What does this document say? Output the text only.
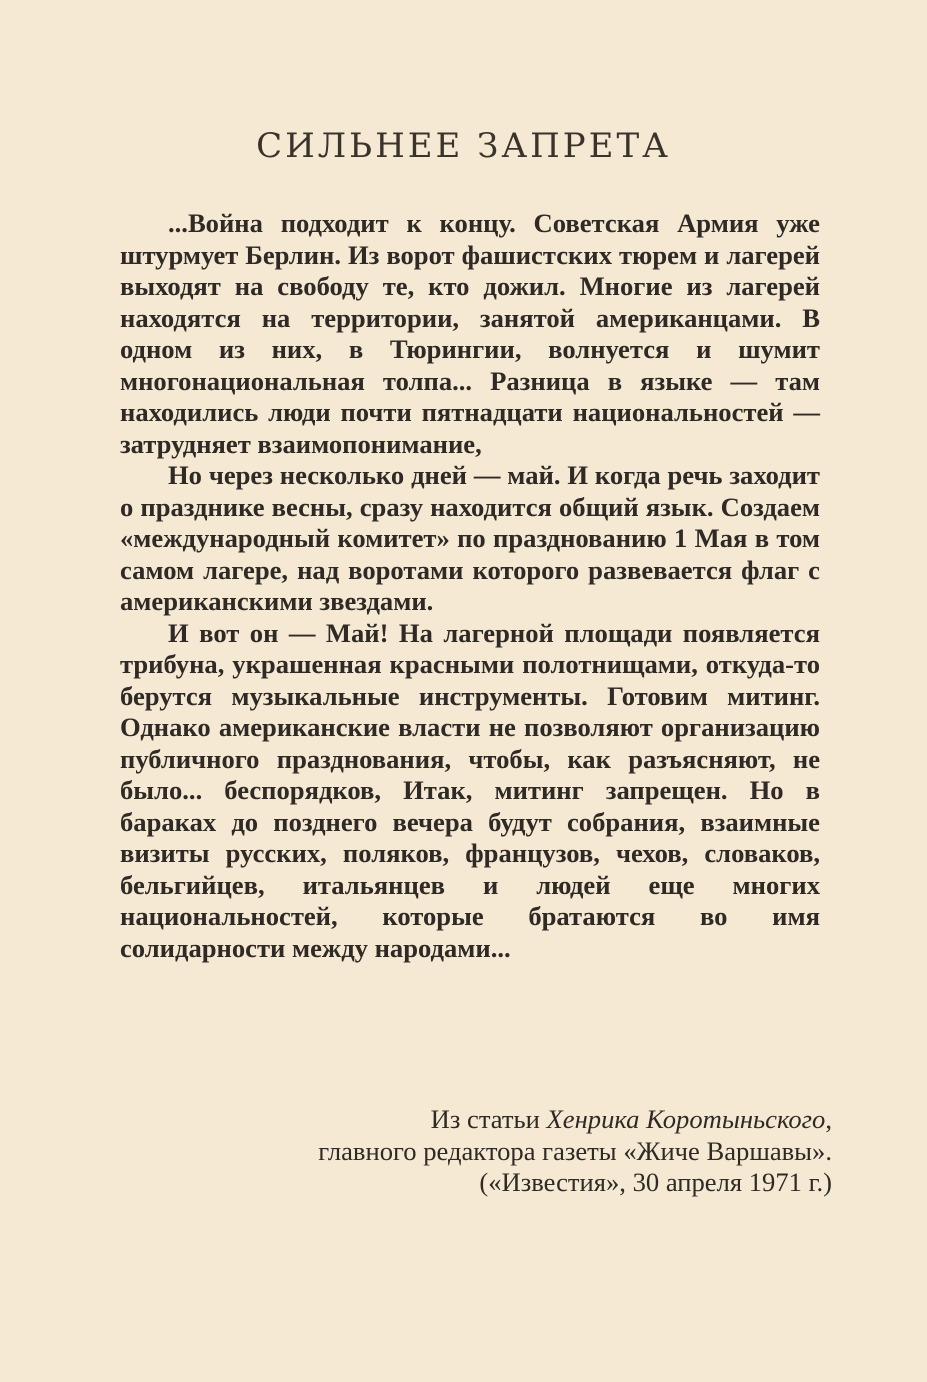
СИЛЬНЕЕ ЗАПРЕТА

...Война подходит к концу. Советская Армия уже штурмует Берлин. Из ворот фашистских тюрем и лагерей выходят на свободу те, кто дожил. Многие из лагерей находятся на территории, занятой американцами. В одном из них, в Тюрингии, волнуется и шумит многонациональная толпа... Разница в языке — там находились люди почти пятнадцати национальностей — затрудняет взаимопонимание,

Но через несколько дней — май. И когда речь заходит о празднике весны, сразу находится общий язык. Создаем «международный комитет» по празднованию 1 Мая в том самом лагере, над воротами которого развевается флаг с американскими звездами.

И вот он — Май! На лагерной площади появляется трибуна, украшенная красными полотнищами, откуда-то берутся музыкальные инструменты. Готовим митинг. Однако американские власти не позволяют организацию публичного празднования, чтобы, как разъясняют, не было... беспорядков, Итак, митинг запрещен. Но в бараках до позднего вечера будут собрания, взаимные визиты русских, поляков, французов, чехов, словаков, бельгийцев, итальянцев и людей еще многих национальностей, которые братаются во имя солидарности между народами...

Из статьи Хенрика Коротыньского,
главного редактора газеты «Жиче Варшавы».
(«Известия», 30 апреля 1971 г.)
